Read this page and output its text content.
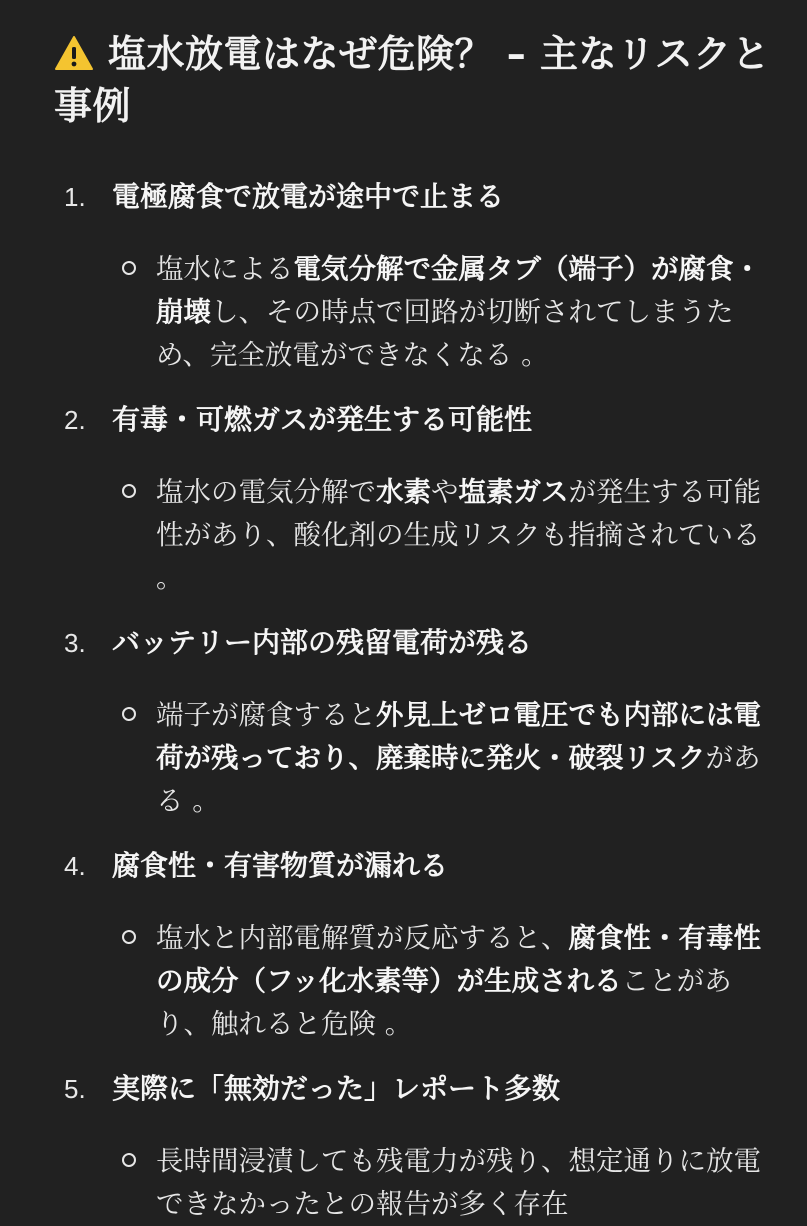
塩水放電はなぜ危険？ – 主なリスクと事例
1. 電極腐食で放電が途中で止まる
塩水による電気分解で金属タブ（端子）が腐食・崩壊し、その時点で回路が切断されてしまうため、完全放電ができなくなる 。
2. 有毒・可燃ガスが発生する可能性
塩水の電気分解で水素や塩素ガスが発生する可能性があり、酸化剤の生成リスクも指摘されている 。
3. バッテリー内部の残留電荷が残る
端子が腐食すると外見上ゼロ電圧でも内部には電荷が残っており、廃棄時に発火・破裂リスクがある 。
4. 腐食性・有害物質が漏れる
塩水と内部電解質が反応すると、腐食性・有毒性の成分（フッ化水素等）が生成されることがあり、触れると危険 。
5. 実際に「無効だった」レポート多数
長時間浸漬しても残電力が残り、想定通りに放電できなかったとの報告が多く存在
